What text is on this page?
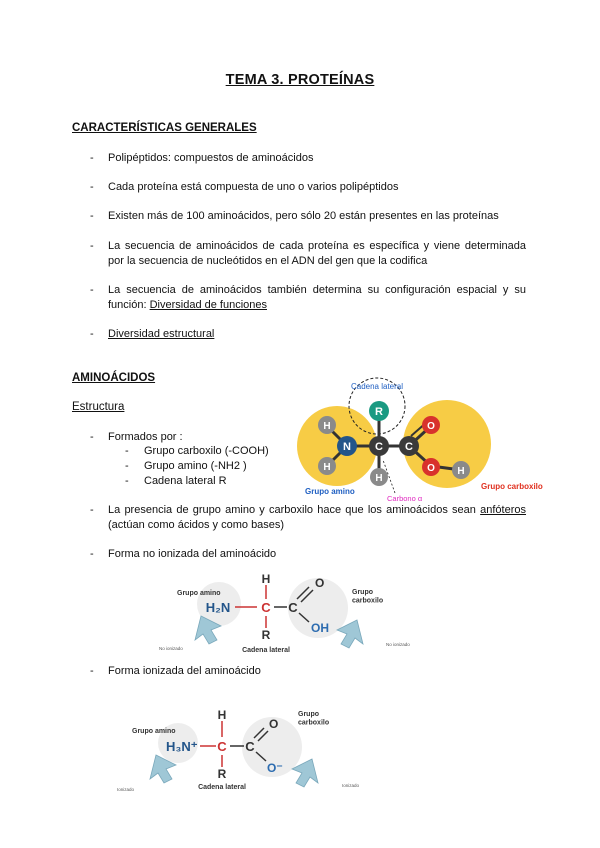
TEMA 3. PROTEÍNAS
CARACTERÍSTICAS GENERALES
- Polipéptidos: compuestos de aminoácidos
- Cada proteína está compuesta de uno o varios polipéptidos
- Existen más de 100 aminoácidos, pero sólo 20 están presentes en las proteínas
- La secuencia de aminoácidos de cada proteína es específica y viene determinada por la secuencia de nucleótidos en el ADN del gen que la codifica
- La secuencia de aminoácidos también determina su configuración espacial y su función: Diversidad de funciones
- Diversidad estructural
AMINOÁCIDOS
Estructura
- Formados por :
- Grupo carboxilo (-COOH)
- Grupo amino (-NH2 )
- Cadena lateral R
- La presencia de grupo amino y carboxilo hace que los aminoácidos sean anfóteros (actúan como ácidos y como bases)
- Forma no ionizada del aminoácido
- Forma ionizada del aminoácido
R
H
H
N C
H
C
O
O H
Cadena lateral
Grupo amino
Grupo carboxilo
Carbono α
Grupo amino	Grupo carboxilo
H₂N C
H
R
C
O
OH
Cadena lateral
No ionizado
No ionizado
Grupo amino
Grupo carboxilo
H₃N⁺ C
H
R
C
O
O⁻
Cadena lateral
Ionizado
Ionizado
